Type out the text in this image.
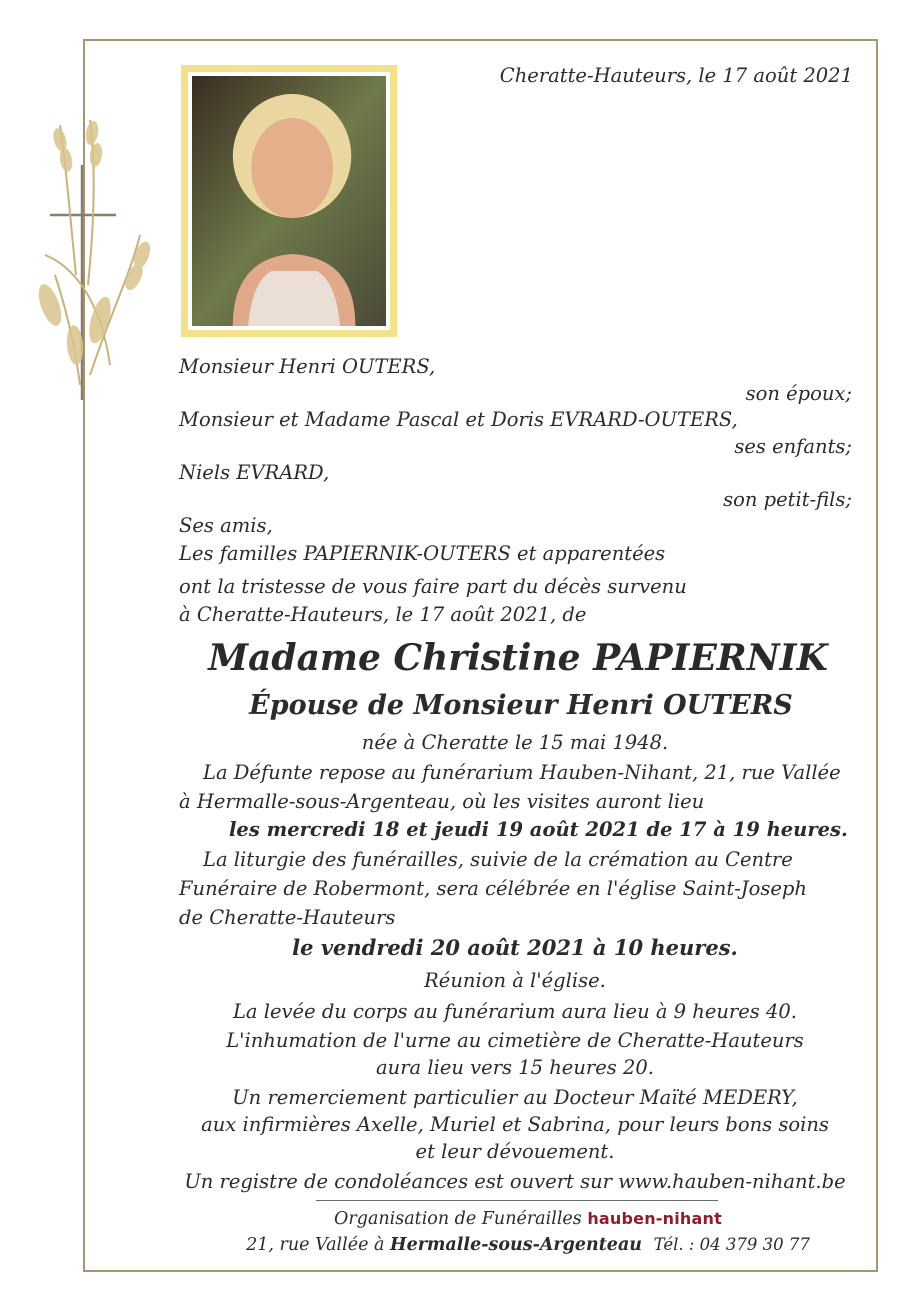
Cheratte-Hauteurs, le 17 août 2021
Monsieur Henri OUTERS,
son époux;
Monsieur et Madame Pascal et Doris EVRARD-OUTERS,
ses enfants;
Niels EVRARD,
son petit-fils;
Ses amis,
Les familles PAPIERNIK-OUTERS et apparentées
ont la tristesse de vous faire part du décès survenu
à Cheratte-Hauteurs, le 17 août 2021, de
Madame Christine PAPIERNIK
Épouse de Monsieur Henri OUTERS
née à Cheratte le 15 mai 1948.
La Défunte repose au funérarium Hauben-Nihant, 21, rue Vallée
à Hermalle-sous-Argenteau, où les visites auront lieu
les mercredi 18 et jeudi 19 août 2021 de 17 à 19 heures.
La liturgie des funérailles, suivie de la crémation au Centre
Funéraire de Robermont, sera célébrée en l'église Saint-Joseph
de Cheratte-Hauteurs
le vendredi 20 août 2021 à 10 heures.
Réunion à l'église.
La levée du corps au funérarium aura lieu à 9 heures 40.
L'inhumation de l'urne au cimetière de Cheratte-Hauteurs
aura lieu vers 15 heures 20.
Un remerciement particulier au Docteur Maïté MEDERY,
aux infirmières Axelle, Muriel et Sabrina, pour leurs bons soins
et leur dévouement.
Un registre de condoléances est ouvert sur www.hauben-nihant.be
Organisation de Funérailles hauben-nihant
21, rue Vallée à Hermalle-sous-Argenteau Tél. : 04 379 30 77
